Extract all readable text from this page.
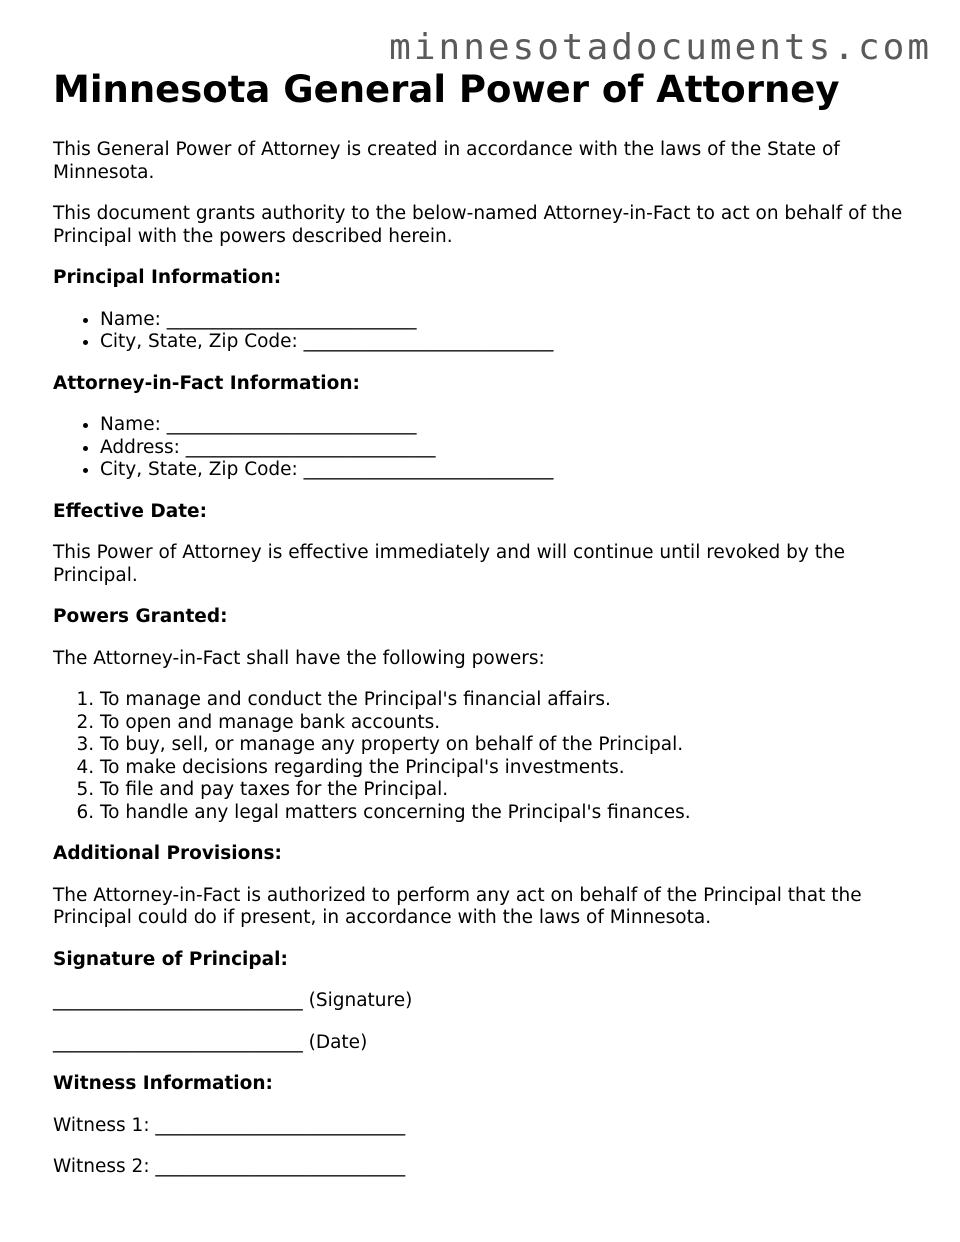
minnesotadocuments.com
Minnesota General Power of Attorney

This General Power of Attorney is created in accordance with the laws of the State of Minnesota.

This document grants authority to the below-named Attorney-in-Fact to act on behalf of the Principal with the powers described herein.

Principal Information:

• Name: ___________________________
• City, State, Zip Code: ___________________________

Attorney-in-Fact Information:

• Name: ___________________________
• Address: ___________________________
• City, State, Zip Code: ___________________________

Effective Date:

This Power of Attorney is effective immediately and will continue until revoked by the Principal.

Powers Granted:

The Attorney-in-Fact shall have the following powers:

1. To manage and conduct the Principal's financial affairs.
2. To open and manage bank accounts.
3. To buy, sell, or manage any property on behalf of the Principal.
4. To make decisions regarding the Principal's investments.
5. To file and pay taxes for the Principal.
6. To handle any legal matters concerning the Principal's finances.

Additional Provisions:

The Attorney-in-Fact is authorized to perform any act on behalf of the Principal that the Principal could do if present, in accordance with the laws of Minnesota.

Signature of Principal:

___________________________ (Signature)

___________________________ (Date)

Witness Information:

Witness 1: ___________________________

Witness 2: ___________________________
